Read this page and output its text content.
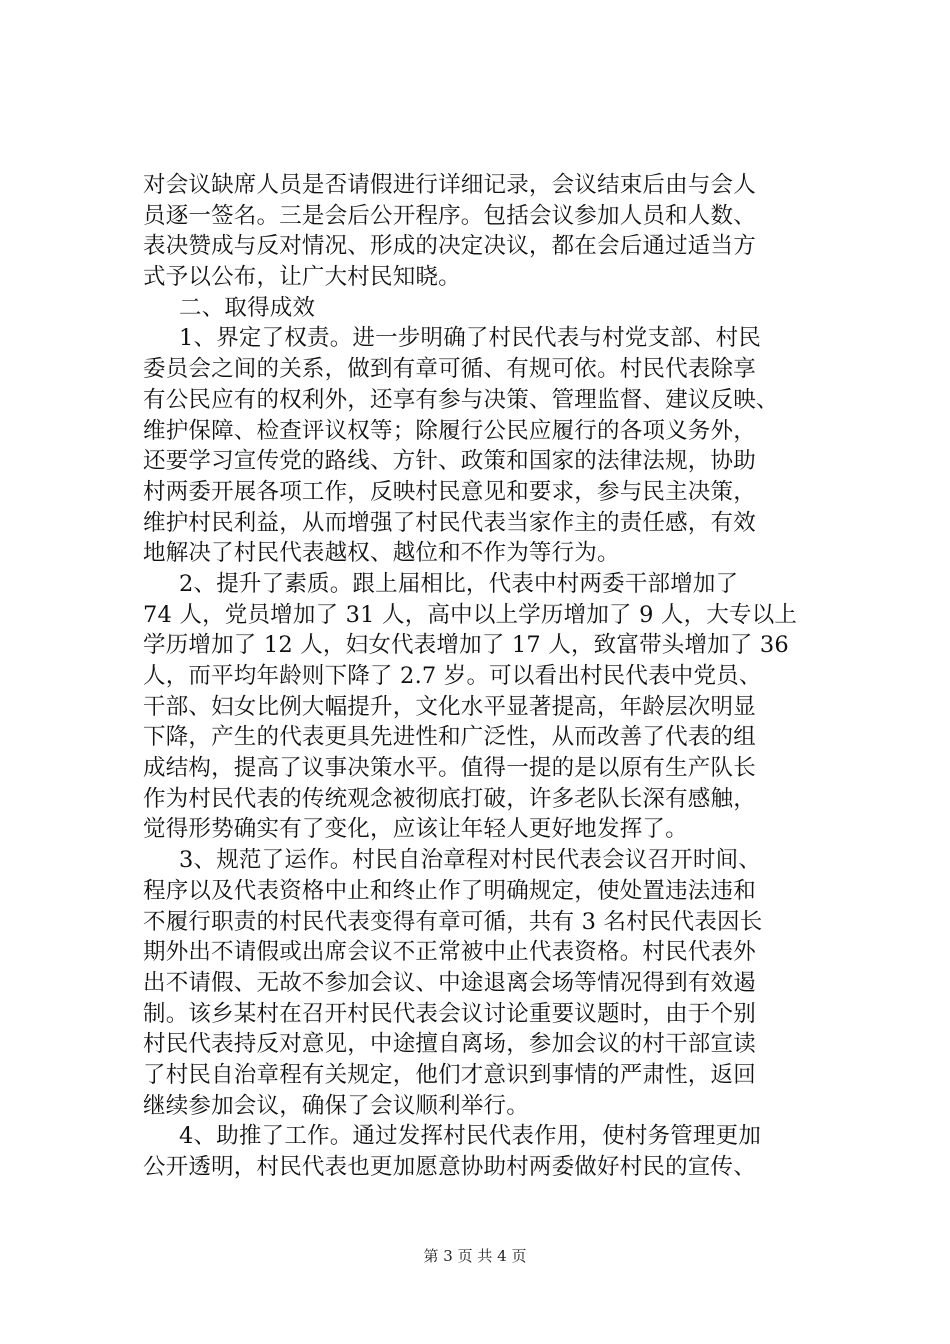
对会议缺席人员是否请假进行详细记录，会议结束后由与会人
员逐一签名。三是会后公开程序。包括会议参加人员和人数、
表决赞成与反对情况、形成的决定决议，都在会后通过适当方
式予以公布，让广大村民知晓。
二、取得成效
1、界定了权责。进一步明确了村民代表与村党支部、村民
委员会之间的关系，做到有章可循、有规可依。村民代表除享
有公民应有的权利外，还享有参与决策、管理监督、建议反映、
维护保障、检查评议权等；除履行公民应履行的各项义务外，
还要学习宣传党的路线、方针、政策和国家的法律法规，协助
村两委开展各项工作，反映村民意见和要求，参与民主决策，
维护村民利益，从而增强了村民代表当家作主的责任感，有效
地解决了村民代表越权、越位和不作为等行为。
2、提升了素质。跟上届相比，代表中村两委干部增加了
74 人，党员增加了 31 人，高中以上学历增加了 9 人，大专以上
学历增加了 12 人，妇女代表增加了 17 人，致富带头增加了 36
人，而平均年龄则下降了 2.7 岁。可以看出村民代表中党员、
干部、妇女比例大幅提升，文化水平显著提高，年龄层次明显
下降，产生的代表更具先进性和广泛性，从而改善了代表的组
成结构，提高了议事决策水平。值得一提的是以原有生产队长
作为村民代表的传统观念被彻底打破，许多老队长深有感触，
觉得形势确实有了变化，应该让年轻人更好地发挥了。
3、规范了运作。村民自治章程对村民代表会议召开时间、
程序以及代表资格中止和终止作了明确规定，使处置违法违和
不履行职责的村民代表变得有章可循，共有 3 名村民代表因长
期外出不请假或出席会议不正常被中止代表资格。村民代表外
出不请假、无故不参加会议、中途退离会场等情况得到有效遏
制。该乡某村在召开村民代表会议讨论重要议题时，由于个别
村民代表持反对意见，中途擅自离场，参加会议的村干部宣读
了村民自治章程有关规定，他们才意识到事情的严肃性，返回
继续参加会议，确保了会议顺利举行。
4、助推了工作。通过发挥村民代表作用，使村务管理更加
公开透明，村民代表也更加愿意协助村两委做好村民的宣传、
第 3 页 共 4 页
